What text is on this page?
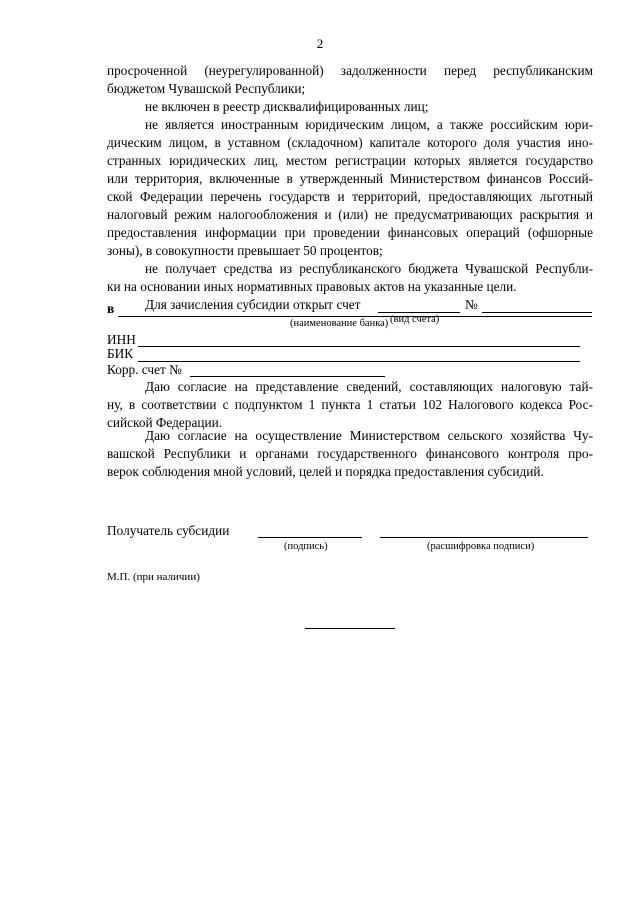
2
просроченной (неурегулированной) задолженности перед республиканским
бюджетом Чувашской Республики;
не включен в реестр дисквалифицированных лиц;
не является иностранным юридическим лицом, а также российским юри-
дическим лицом, в уставном (складочном) капитале которого доля участия ино-
странных юридических лиц, местом регистрации которых является государство
или территория, включенные в утвержденный Министерством финансов Россий-
ской Федерации перечень государств и территорий, предоставляющих льготный
налоговый режим налогообложения и (или) не предусматривающих раскрытия и
предоставления информации при проведении финансовых операций (офшорные
зоны), в совокупности превышает 50 процентов;
не получает средства из республиканского бюджета Чувашской Республи-
ки на основании иных нормативных правовых актов на указанные цели.
Для зачисления субсидии открыт счет	№
(вид счета)
в
(наименование банка)
ИНН
БИК
Корр. счет №
Даю согласие на представление сведений, составляющих налоговую тай-
ну, в соответствии с подпунктом 1 пункта 1 статьи 102 Налогового кодекса Рос-
сийской Федерации.
Даю согласие на осуществление Министерством сельского хозяйства Чу-
вашской Республики и органами государственного финансового контроля про-
верок соблюдения мной условий, целей и порядка предоставления субсидий.
Получатель субсидии
(подпись)	(расшифровка подписи)
М.П. (при наличии)
